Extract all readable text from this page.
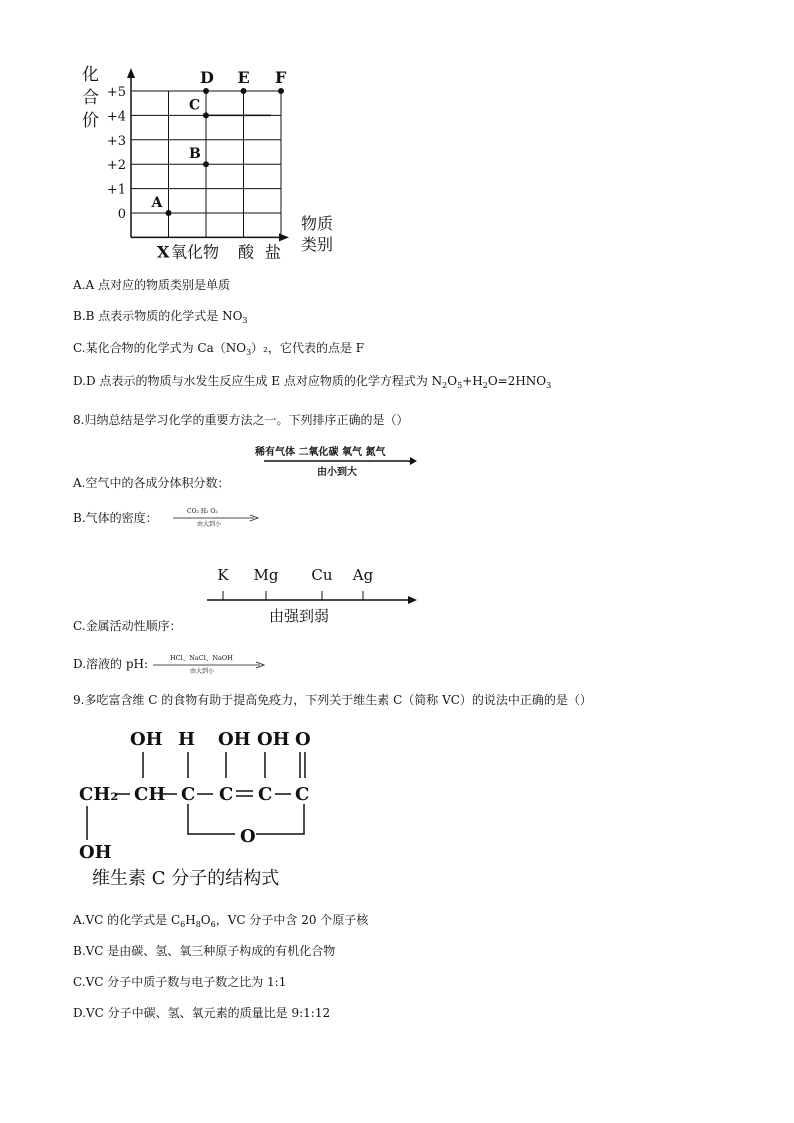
+5
+4
+3
+2
+1
0
X 氧化物 酸 盐
A
B
C
D E F
化
合
价
物质
类别
A.A 点对应的物质类别是单质
B.B 点表示物质的化学式是 $NO_3$
C.某化合物的化学式为 $Ca(NO_3)_2$，它代表的点是 F
D.D 点表示的物质与水发生反应生成 E 点对应物质的化学方程式为 $N_2O_5+H_2O=2HNO_3$
8.归纳总结是学习化学的重要方法之一。下列排序正确的是（）
稀有气体 二氧化碳 氧气 氮气
由小到大
A.空气中的各成分体积分数：
B.气体的密度：	CO₂ H₂ O₂
由大到小
K Mg Cu Ag
由强到弱
C.金属活动性顺序：
D.溶液的 pH:	HCl、NaCl、NaOH
由大到小
9.多吃富含维 C 的食物有助于提高免疫力，下列关于维生素 C（简称 VC）的说法中正确的是（）
OH H OH OH O
CH₂ CH C C C C
O
OH
维生素 C 分子的结构式
A.VC 的化学式是 $C_6H_8O_6$，VC 分子中含 20 个原子核
B.VC 是由碳、氢、氧三种原子构成的有机化合物
C.VC 分子中质子数与电子数之比为 1:1
D.VC 分子中碳、氢、氧元素的质量比是 9:1:12
